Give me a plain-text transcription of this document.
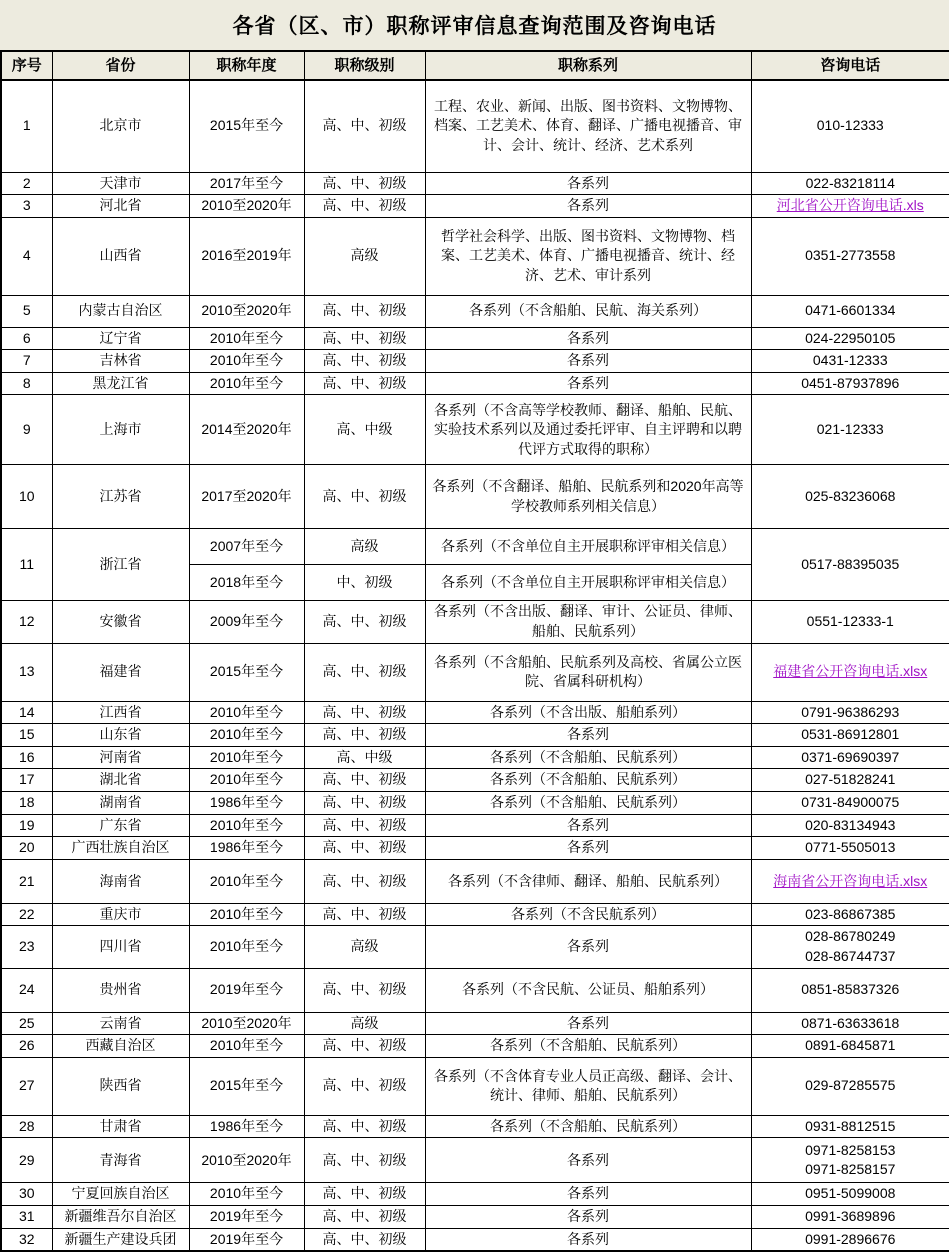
各省（区、市）职称评审信息查询范围及咨询电话
序号	省份	职称年度	职称级别	职称系列	咨询电话
1	北京市	2015年至今	高、中、初级	工程、农业、新闻、出版、图书资料、文物博物、档案、工艺美术、体育、翻译、广播电视播音、审计、会计、统计、经济、艺术系列	010-12333

2	天津市	2017年至今	高、中、初级	各系列	022-83218114

3	河北省	2010至2020年	高、中、初级	各系列	河北省公开咨询电话.xls
4	山西省	2016至2019年	高级	哲学社会科学、出版、图书资料、文物博物、档案、工艺美术、体育、广播电视播音、统计、经济、艺术、审计系列	0351-2773558

5	内蒙古自治区	2010至2020年	高、中、初级	各系列（不含船舶、民航、海关系列）	0471-6601334

6	辽宁省	2010年至今	高、中、初级	各系列	024-22950105

7	吉林省	2010年至今	高、中、初级	各系列	0431-12333

8	黑龙江省	2010年至今	高、中、初级	各系列	0451-87937896

9	上海市	2014至2020年	高、中级	各系列（不含高等学校教师、翻译、船舶、民航、实验技术系列以及通过委托评审、自主评聘和以聘代评方式取得的职称）	021-12333

10	江苏省	2017至2020年	高、中、初级	各系列（不含翻译、船舶、民航系列和2020年高等学校教师系列相关信息）	025-83236068

11	浙江省	2007年至今	高级	各系列（不含单位自主开展职称评审相关信息）	0517-88395035

		2018年至今	中、初级	各系列（不含单位自主开展职称评审相关信息）	
12	安徽省	2009年至今	高、中、初级	各系列（不含出版、翻译、审计、公证员、律师、船舶、民航系列）	0551-12333-1

13	福建省	2015年至今	高、中、初级	各系列（不含船舶、民航系列及高校、省属公立医院、省属科研机构）	福建省公开咨询电话.xlsx
14	江西省	2010年至今	高、中、初级	各系列（不含出版、船舶系列）	0791-96386293

15	山东省	2010年至今	高、中、初级	各系列	0531-86912801

16	河南省	2010年至今	高、中级	各系列（不含船舶、民航系列）	0371-69690397

17	湖北省	2010年至今	高、中、初级	各系列（不含船舶、民航系列）	027-51828241

18	湖南省	1986年至今	高、中、初级	各系列（不含船舶、民航系列）	0731-84900075

19	广东省	2010年至今	高、中、初级	各系列	020-83134943

20	广西壮族自治区	1986年至今	高、中、初级	各系列	0771-5505013

21	海南省	2010年至今	高、中、初级	各系列（不含律师、翻译、船舶、民航系列）	海南省公开咨询电话.xlsx
22	重庆市	2010年至今	高、中、初级	各系列（不含民航系列）	023-86867385

23	四川省	2010年至今	高级	各系列	028-86780249
028-86744737

24	贵州省	2019年至今	高、中、初级	各系列（不含民航、公证员、船舶系列）	0851-85837326

25	云南省	2010至2020年	高级	各系列	0871-63633618

26	西藏自治区	2010年至今	高、中、初级	各系列（不含船舶、民航系列）	0891-6845871

27	陕西省	2015年至今	高、中、初级	各系列（不含体育专业人员正高级、翻译、会计、统计、律师、船舶、民航系列）	029-87285575

28	甘肃省	1986年至今	高、中、初级	各系列（不含船舶、民航系列）	0931-8812515

29	青海省	2010至2020年	高、中、初级	各系列	0971-8258153
0971-8258157

30	宁夏回族自治区	2010年至今	高、中、初级	各系列	0951-5099008

31	新疆维吾尔自治区	2019年至今	高、中、初级	各系列	0991-3689896

32	新疆生产建设兵团	2019年至今	高、中、初级	各系列	0991-2896676
